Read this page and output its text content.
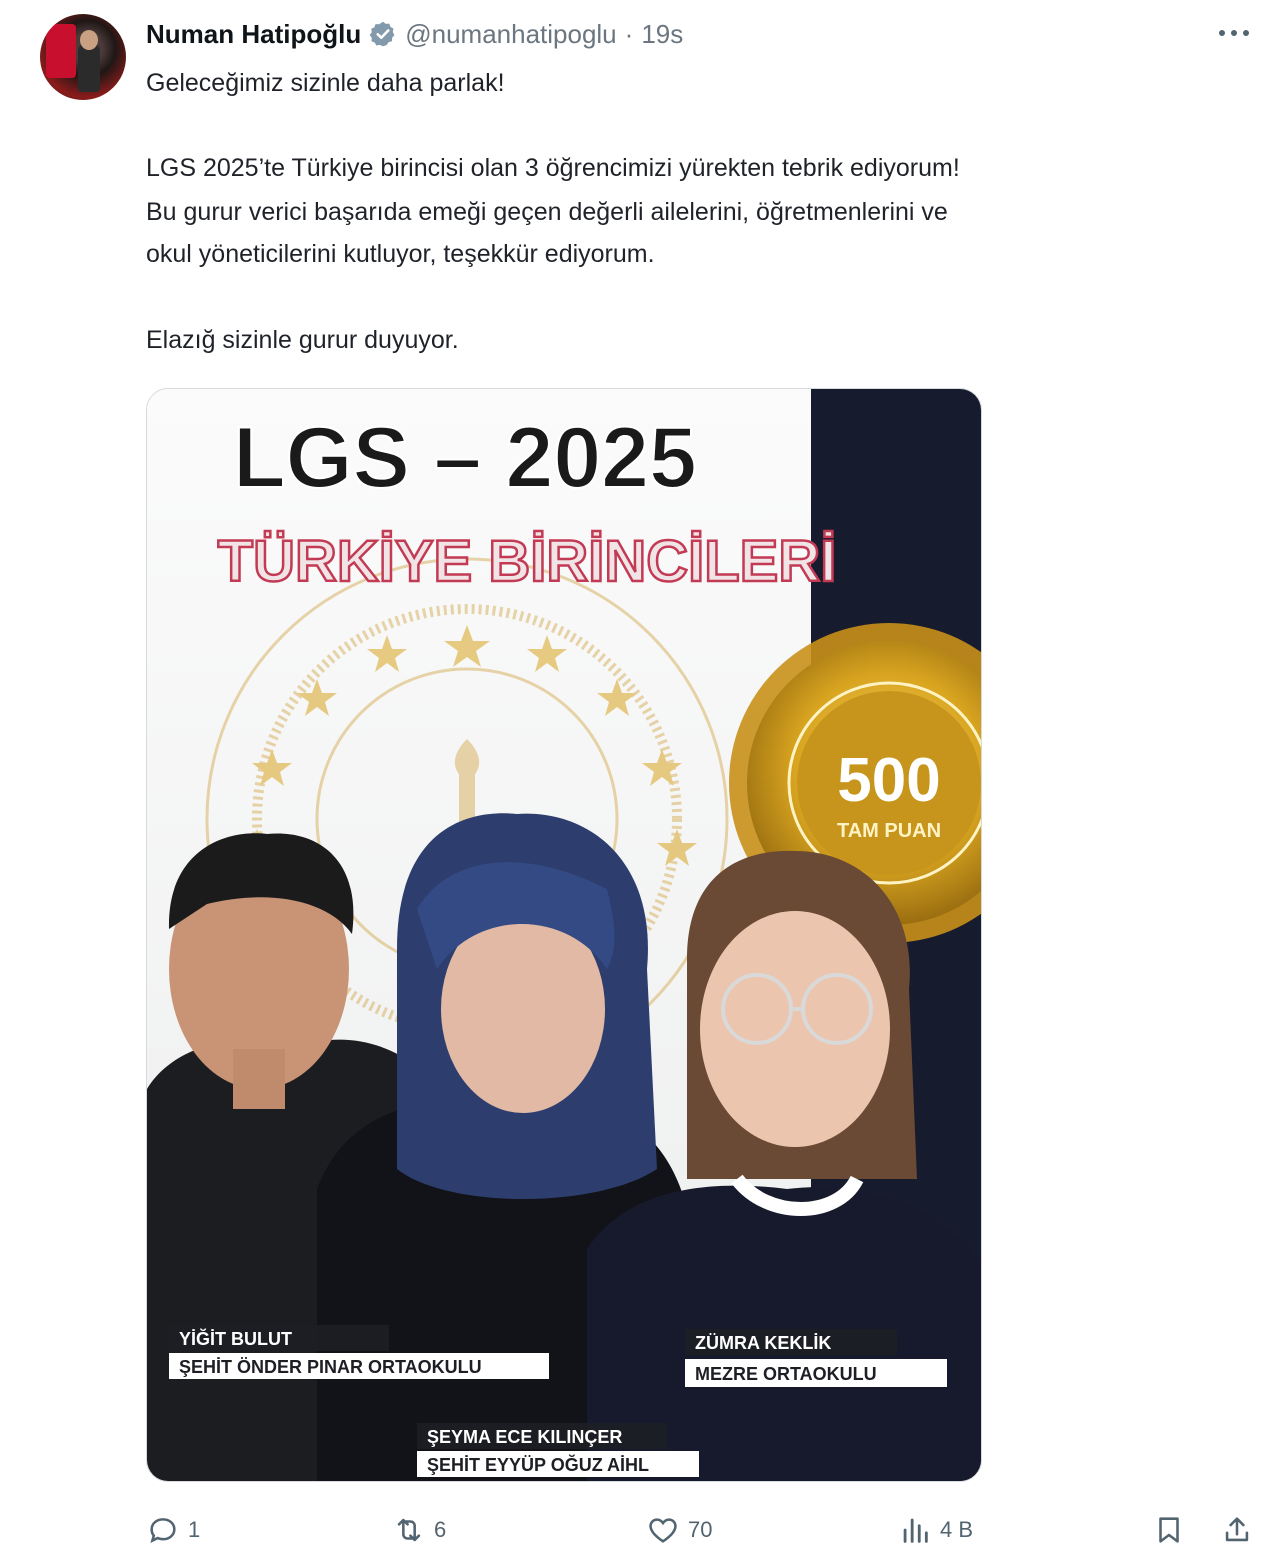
Numan Hatipoğlu @numanhatipoglu · 19s
Geleceğimiz sizinle daha parlak!
LGS 2025’te Türkiye birincisi olan 3 öğrencimizi yürekten tebrik ediyorum!
Bu gurur verici başarıda emeği geçen değerli ailelerini, öğretmenlerini ve
okul yöneticilerini kutluyor, teşekkür ediyorum.
Elazığ sizinle gurur duyuyor.
LGS – 2025
TÜRKİYE BİRİNCİLERİ
500
TAM PUAN
YİĞİT BULUT
ŞEHİT ÖNDER PINAR ORTAOKULU
ŞEYMA ECE KILINÇER
ŞEHİT EYYÜP OĞUZ AİHL
ZÜMRA KEKLİK
MEZRE ORTAOKULU
1	6	70	4 B
